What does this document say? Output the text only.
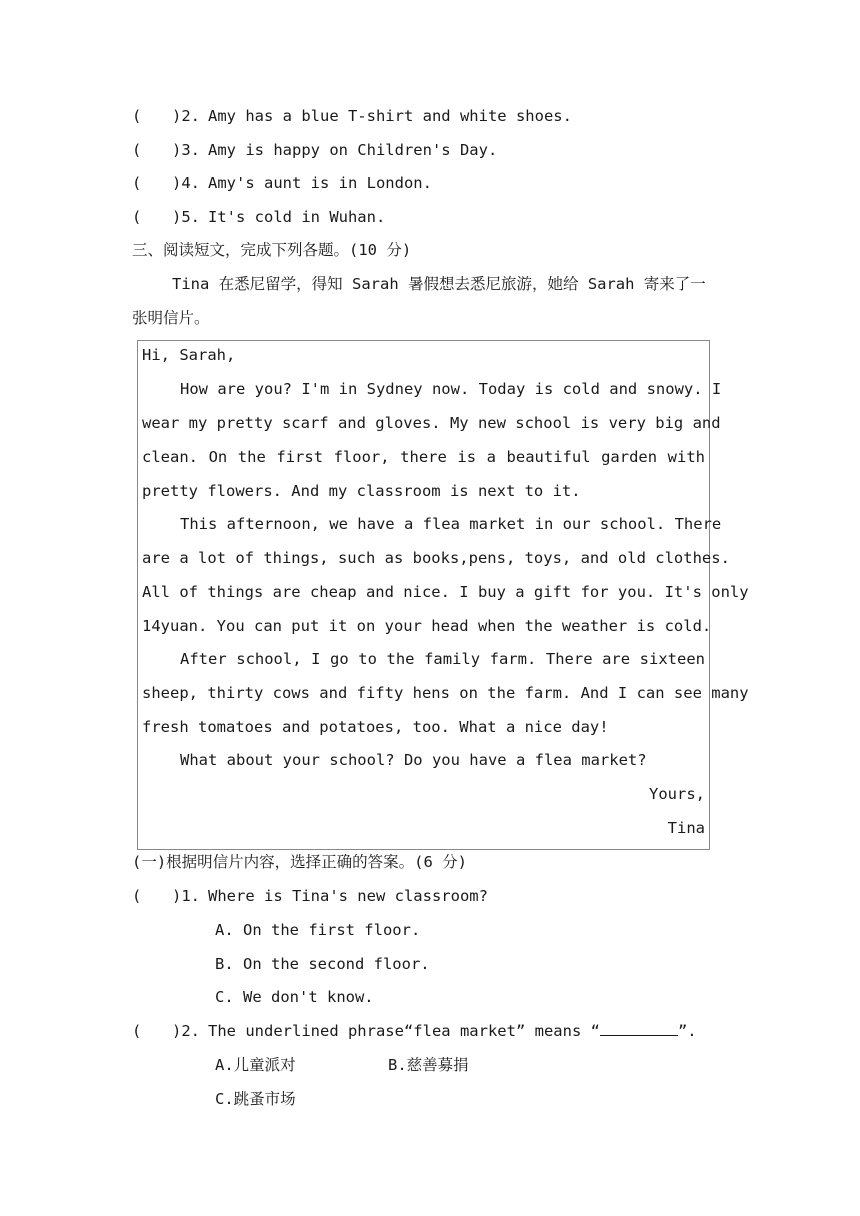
( )2. Amy has a blue T-shirt and white shoes.
( )3. Amy is happy on Children's Day.
( )4. Amy's aunt is in London.
( )5. It's cold in Wuhan.
三、阅读短文，完成下列各题。(10 分)
Tina 在悉尼留学，得知 Sarah 暑假想去悉尼旅游，她给 Sarah 寄来了一
张明信片。
Hi, Sarah,
How are you? I'm in Sydney now. Today is cold and snowy. I
wear my pretty scarf and gloves. My new school is very big and
clean. On the first floor, there is a beautiful garden with
pretty flowers. And my classroom is next to it.
This afternoon, we have a flea market in our school. There
are a lot of things, such as books,pens, toys, and old clothes.
All of things are cheap and nice. I buy a gift for you. It's only
14yuan. You can put it on your head when the weather is cold.
After school, I go to the family farm. There are sixteen
sheep, thirty cows and fifty hens on the farm. And I can see many
fresh tomatoes and potatoes, too. What a nice day!
What about your school? Do you have a flea market?
Yours,
Tina
(一)根据明信片内容，选择正确的答案。(6 分)
( )1. Where is Tina's new classroom?
A. On the first floor.
B. On the second floor.
C. We don't know.
( )2. The underlined phrase“flea market” means “	”.
A.儿童派对	B.慈善募捐
C.跳蚤市场
